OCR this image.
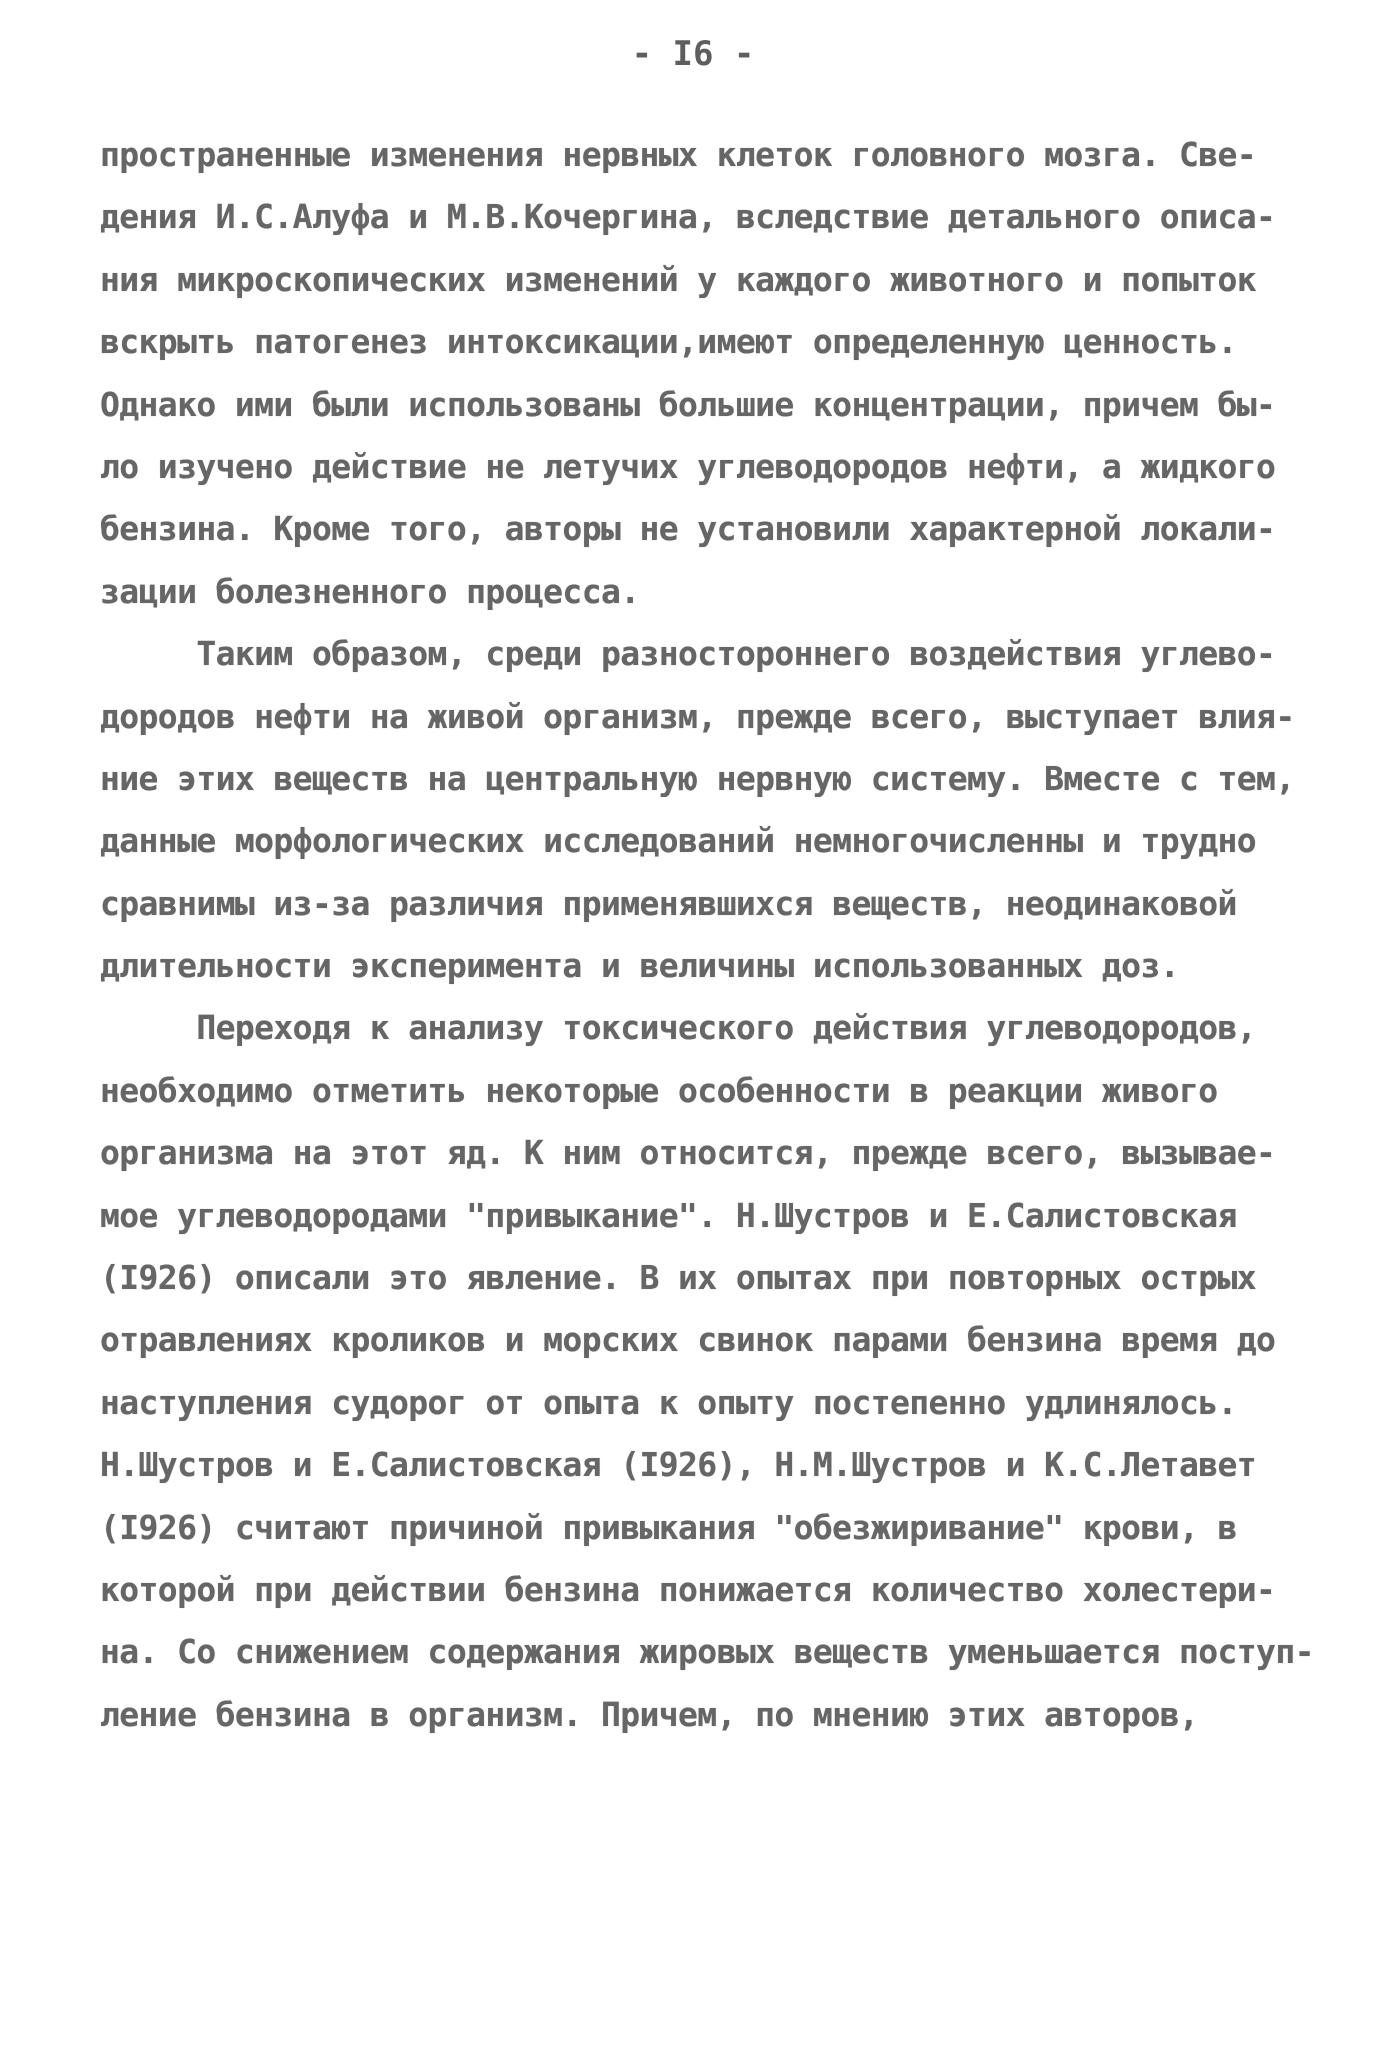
- I6 -
пространенные изменения нервных клеток головного мозга. Све-
дения И.С.Алуфа и М.В.Кочергина, вследствие детального описа-
ния микроскопических изменений у каждого животного и попыток
вскрыть патогенез интоксикации,имеют определенную ценность.
Однако ими были использованы большие концентрации, причем бы-
ло изучено действие не летучих углеводородов нефти, а жидкого
бензина. Кроме того, авторы не установили характерной локали-
зации болезненного процесса.
Таким образом, среди разностороннего воздействия углево-
дородов нефти на живой организм, прежде всего, выступает влия-
ние этих веществ на центральную нервную систему. Вместе с тем,
данные морфологических исследований немногочисленны и трудно
сравнимы из-за различия применявшихся веществ, неодинаковой
длительности эксперимента и величины использованных доз.
Переходя к анализу токсического действия углеводородов,
необходимо отметить некоторые особенности в реакции живого
организма на этот яд. К ним относится, прежде всего, вызывае-
мое углеводородами "привыкание". Н.Шустров и Е.Салистовская
(I926) описали это явление. В их опытах при повторных острых
отравлениях кроликов и морских свинок парами бензина время до
наступления судорог от опыта к опыту постепенно удлинялось.
Н.Шустров и Е.Салистовская (I926), Н.М.Шустров и К.С.Летавет
(I926) считают причиной привыкания "обезжиривание" крови, в
которой при действии бензина понижается количество холестери-
на. Со снижением содержания жировых веществ уменьшается поступ-
ление бензина в организм. Причем, по мнению этих авторов,
